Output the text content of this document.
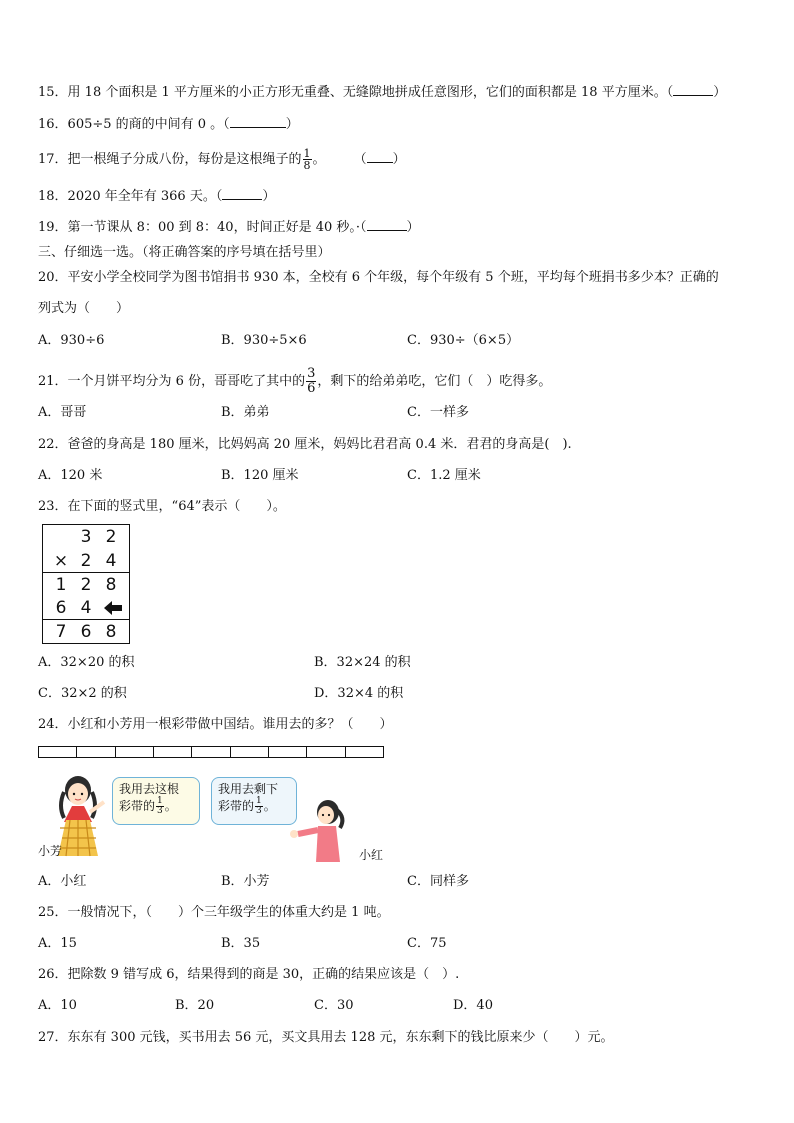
15．用 18 个面积是 1 平方厘米的小正方形无重叠、无缝隙地拼成任意图形，它们的面积都是 18 平方厘米。（	）
16．605÷5 的商的中间有 0 。（	）
17．把一根绳子分成八份，每份是这根绳子的 $\frac{1}{8}$ 。 （ ）
18．2020 年全年有 366 天。（	）
19．第一节课从 8：00 到 8：40，时间正好是 40 秒。·（	）
三、仔细选一选。（将正确答案的序号填在括号里）
20．平安小学全校同学为图书馆捐书 930 本，全校有 6 个年级，每个年级有 5 个班，平均每个班捐书多少本？正确的
列式为（　　）
A．930÷6	B．930÷5×6	C．930÷（6×5）
21．一个月饼平均分为 6 份，哥哥吃了其中的 $\frac{3}{6}$ ，剩下的给弟弟吃，它们（　）吃得多。
A．哥哥	B．弟弟	C．一样多
22．爸爸的身高是 180 厘米，比妈妈高 20 厘米，妈妈比君君高 0.4 米．君君的身高是(　).
A．120 米	B．120 厘米	C．1.2 厘米
23．在下面的竖式里，“64”表示（　　）。
3 2
× 2 4
1 2 8
6 4
7 6 8
A．32×20 的积	B．32×24 的积
C．32×2 的积	D．32×4 的积
24．小红和小芳用一根彩带做中国结。谁用去的多？（　　）
我用去这根
彩带的 $\frac{1}{3}$ 。
我用去剩下
彩带的 $\frac{1}{3}$ 。
小芳	小红
A．小红	B．小芳	C．同样多
25．一般情况下，（　　）个三年级学生的体重大约是 1 吨。
A．15	B．35	C．75
26．把除数 9 错写成 6，结果得到的商是 30，正确的结果应该是（　）.
A．10	B．20	C．30	D．40
27．东东有 300 元钱，买书用去 56 元，买文具用去 128 元，东东剩下的钱比原来少（　　）元。
